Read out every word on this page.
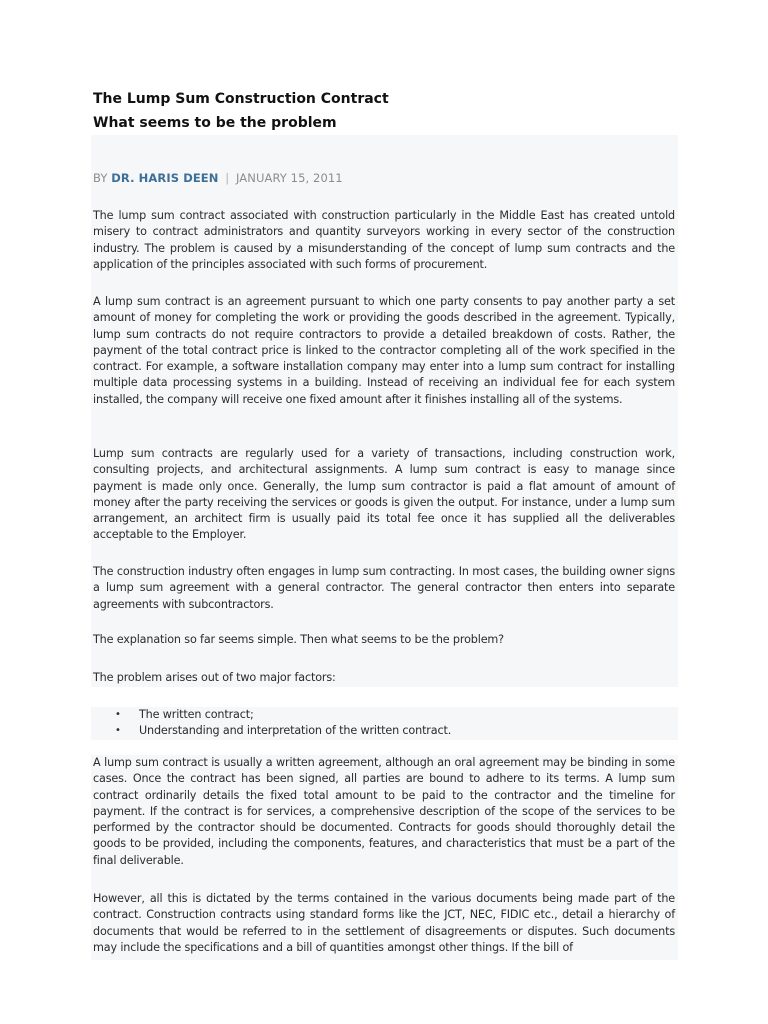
The Lump Sum Construction Contract
What seems to be the problem

BY DR. HARIS DEEN | JANUARY 15, 2011

The lump sum contract associated with construction particularly in the Middle East has created untold misery to contract administrators and quantity surveyors working in every sector of the construction industry. The problem is caused by a misunderstanding of the concept of lump sum contracts and the application of the principles associated with such forms of procurement.

A lump sum contract is an agreement pursuant to which one party consents to pay another party a set amount of money for completing the work or providing the goods described in the agreement. Typically, lump sum contracts do not require contractors to provide a detailed breakdown of costs. Rather, the payment of the total contract price is linked to the contractor completing all of the work specified in the contract. For example, a software installation company may enter into a lump sum contract for installing multiple data processing systems in a building. Instead of receiving an individual fee for each system installed, the company will receive one fixed amount after it finishes installing all of the systems.

Lump sum contracts are regularly used for a variety of transactions, including construction work, consulting projects, and architectural assignments. A lump sum contract is easy to manage since payment is made only once. Generally, the lump sum contractor is paid a flat amount of amount of money after the party receiving the services or goods is given the output. For instance, under a lump sum arrangement, an architect firm is usually paid its total fee once it has supplied all the deliverables acceptable to the Employer.

The construction industry often engages in lump sum contracting. In most cases, the building owner signs a lump sum agreement with a general contractor. The general contractor then enters into separate agreements with subcontractors.

The explanation so far seems simple. Then what seems to be the problem?

The problem arises out of two major factors:

• The written contract;
• Understanding and interpretation of the written contract.

A lump sum contract is usually a written agreement, although an oral agreement may be binding in some cases. Once the contract has been signed, all parties are bound to adhere to its terms. A lump sum contract ordinarily details the fixed total amount to be paid to the contractor and the timeline for payment. If the contract is for services, a comprehensive description of the scope of the services to be performed by the contractor should be documented. Contracts for goods should thoroughly detail the goods to be provided, including the components, features, and characteristics that must be a part of the final deliverable.

However, all this is dictated by the terms contained in the various documents being made part of the contract. Construction contracts using standard forms like the JCT, NEC, FIDIC etc., detail a hierarchy of documents that would be referred to in the settlement of disagreements or disputes. Such documents may include the specifications and a bill of quantities amongst other things. If the bill of
